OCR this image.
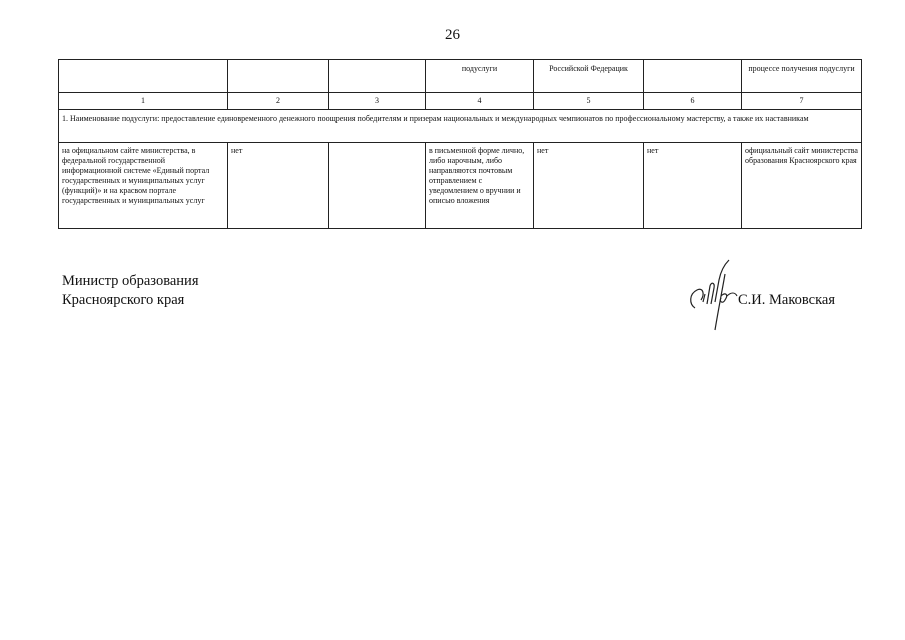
26
			подуслуги	Российской Федерацик		процессе получения подуслуги
1	2	3	4	5	6	7
1. Наименование подуслуги: предоставление единовременного денежного поощрения победителям и призерам национальных и международных чемпионатов по профессиональному мастерству, а также их наставникам						
на официальном сайте министерства, в федеральной государственной информационной системе «Единый портал государственных и муниципальных услуг (функций)» и на красвом портале государственных и муниципальных услуг	нет		в письменной форме лично, либо нарочным, либо направляются почтовым отправлением с уведомлением о вручнии и описью вложения	нет	нет	официальный сайт министерства образования Красноярского края
Министр образования
Красноярского края	С.И. Маковская
